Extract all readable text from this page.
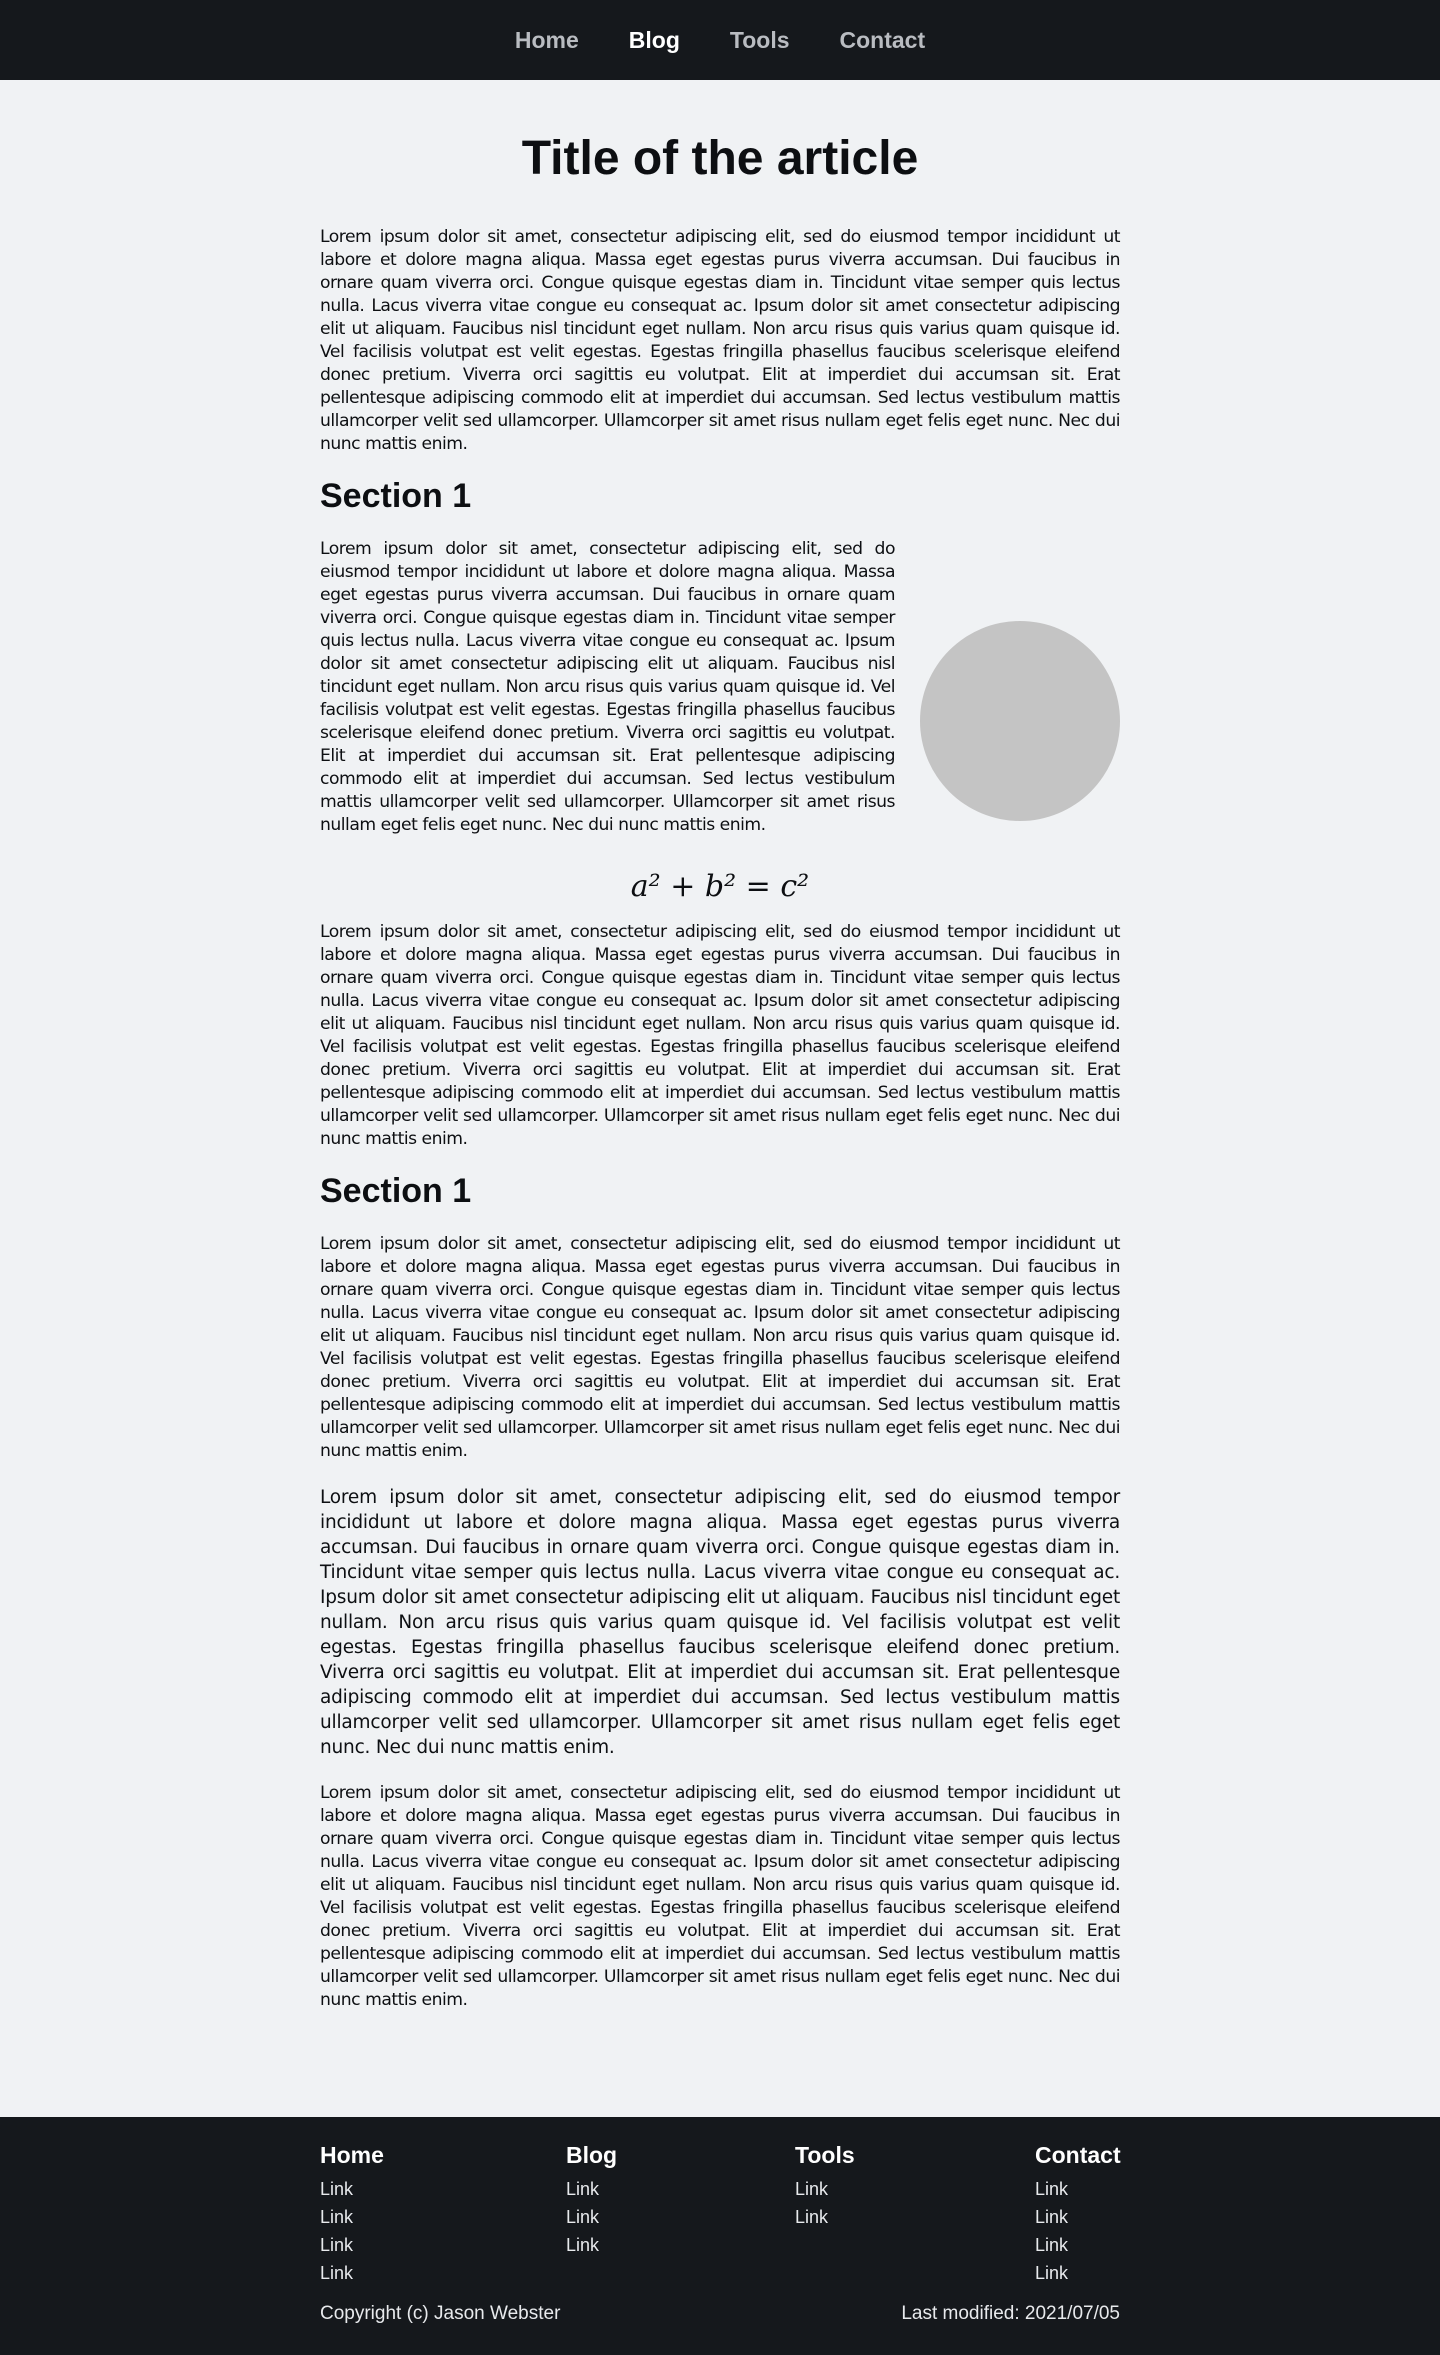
Home Blog Tools Contact
Title of the article

Lorem ipsum dolor sit amet, consectetur adipiscing elit, sed do eiusmod tempor incididunt ut labore et dolore magna aliqua. Massa eget egestas purus viverra accumsan. Dui faucibus in ornare quam viverra orci. Congue quisque egestas diam in. Tincidunt vitae semper quis lectus nulla. Lacus viverra vitae congue eu consequat ac. Ipsum dolor sit amet consectetur adipiscing elit ut aliquam. Faucibus nisl tincidunt eget nullam. Non arcu risus quis varius quam quisque id. Vel facilisis volutpat est velit egestas. Egestas fringilla phasellus faucibus scelerisque eleifend donec pretium. Viverra orci sagittis eu volutpat. Elit at imperdiet dui accumsan sit. Erat pellentesque adipiscing commodo elit at imperdiet dui accumsan. Sed lectus vestibulum mattis ullamcorper velit sed ullamcorper. Ullamcorper sit amet risus nullam eget felis eget nunc. Nec dui nunc mattis enim.

Section 1

Lorem ipsum dolor sit amet, consectetur adipiscing elit, sed do eiusmod tempor incididunt ut labore et dolore magna aliqua. Massa eget egestas purus viverra accumsan. Dui faucibus in ornare quam viverra orci. Congue quisque egestas diam in. Tincidunt vitae semper quis lectus nulla. Lacus viverra vitae congue eu consequat ac. Ipsum dolor sit amet consectetur adipiscing elit ut aliquam. Faucibus nisl tincidunt eget nullam. Non arcu risus quis varius quam quisque id. Vel facilisis volutpat est velit egestas. Egestas fringilla phasellus faucibus scelerisque eleifend donec pretium. Viverra orci sagittis eu volutpat. Elit at imperdiet dui accumsan sit. Erat pellentesque adipiscing commodo elit at imperdiet dui accumsan. Sed lectus vestibulum mattis ullamcorper velit sed ullamcorper. Ullamcorper sit amet risus nullam eget felis eget nunc. Nec dui nunc mattis enim.

a² + b² = c²

Lorem ipsum dolor sit amet, consectetur adipiscing elit, sed do eiusmod tempor incididunt ut labore et dolore magna aliqua. Massa eget egestas purus viverra accumsan. Dui faucibus in ornare quam viverra orci. Congue quisque egestas diam in. Tincidunt vitae semper quis lectus nulla. Lacus viverra vitae congue eu consequat ac. Ipsum dolor sit amet consectetur adipiscing elit ut aliquam. Faucibus nisl tincidunt eget nullam. Non arcu risus quis varius quam quisque id. Vel facilisis volutpat est velit egestas. Egestas fringilla phasellus faucibus scelerisque eleifend donec pretium. Viverra orci sagittis eu volutpat. Elit at imperdiet dui accumsan sit. Erat pellentesque adipiscing commodo elit at imperdiet dui accumsan. Sed lectus vestibulum mattis ullamcorper velit sed ullamcorper. Ullamcorper sit amet risus nullam eget felis eget nunc. Nec dui nunc mattis enim.

Section 1

Lorem ipsum dolor sit amet, consectetur adipiscing elit, sed do eiusmod tempor incididunt ut labore et dolore magna aliqua. Massa eget egestas purus viverra accumsan. Dui faucibus in ornare quam viverra orci. Congue quisque egestas diam in. Tincidunt vitae semper quis lectus nulla. Lacus viverra vitae congue eu consequat ac. Ipsum dolor sit amet consectetur adipiscing elit ut aliquam. Faucibus nisl tincidunt eget nullam. Non arcu risus quis varius quam quisque id. Vel facilisis volutpat est velit egestas. Egestas fringilla phasellus faucibus scelerisque eleifend donec pretium. Viverra orci sagittis eu volutpat. Elit at imperdiet dui accumsan sit. Erat pellentesque adipiscing commodo elit at imperdiet dui accumsan. Sed lectus vestibulum mattis ullamcorper velit sed ullamcorper. Ullamcorper sit amet risus nullam eget felis eget nunc. Nec dui nunc mattis enim.

Lorem ipsum dolor sit amet, consectetur adipiscing elit, sed do eiusmod tempor incididunt ut labore et dolore magna aliqua. Massa eget egestas purus viverra accumsan. Dui faucibus in ornare quam viverra orci. Congue quisque egestas diam in. Tincidunt vitae semper quis lectus nulla. Lacus viverra vitae congue eu consequat ac. Ipsum dolor sit amet consectetur adipiscing elit ut aliquam. Faucibus nisl tincidunt eget nullam. Non arcu risus quis varius quam quisque id. Vel facilisis volutpat est velit egestas. Egestas fringilla phasellus faucibus scelerisque eleifend donec pretium. Viverra orci sagittis eu volutpat. Elit at imperdiet dui accumsan sit. Erat pellentesque adipiscing commodo elit at imperdiet dui accumsan. Sed lectus vestibulum mattis ullamcorper velit sed ullamcorper. Ullamcorper sit amet risus nullam eget felis eget nunc. Nec dui nunc mattis enim.

Lorem ipsum dolor sit amet, consectetur adipiscing elit, sed do eiusmod tempor incididunt ut labore et dolore magna aliqua. Massa eget egestas purus viverra accumsan. Dui faucibus in ornare quam viverra orci. Congue quisque egestas diam in. Tincidunt vitae semper quis lectus nulla. Lacus viverra vitae congue eu consequat ac. Ipsum dolor sit amet consectetur adipiscing elit ut aliquam. Faucibus nisl tincidunt eget nullam. Non arcu risus quis varius quam quisque id. Vel facilisis volutpat est velit egestas. Egestas fringilla phasellus faucibus scelerisque eleifend donec pretium. Viverra orci sagittis eu volutpat. Elit at imperdiet dui accumsan sit. Erat pellentesque adipiscing commodo elit at imperdiet dui accumsan. Sed lectus vestibulum mattis ullamcorper velit sed ullamcorper. Ullamcorper sit amet risus nullam eget felis eget nunc. Nec dui nunc mattis enim.

Home
Link
Link
Link
Link
Blog
Link
Link
Link
Tools
Link
Link
Contact
Link
Link
Link
Link
Copyright (c) Jason Webster	Last modified: 2021/07/05
